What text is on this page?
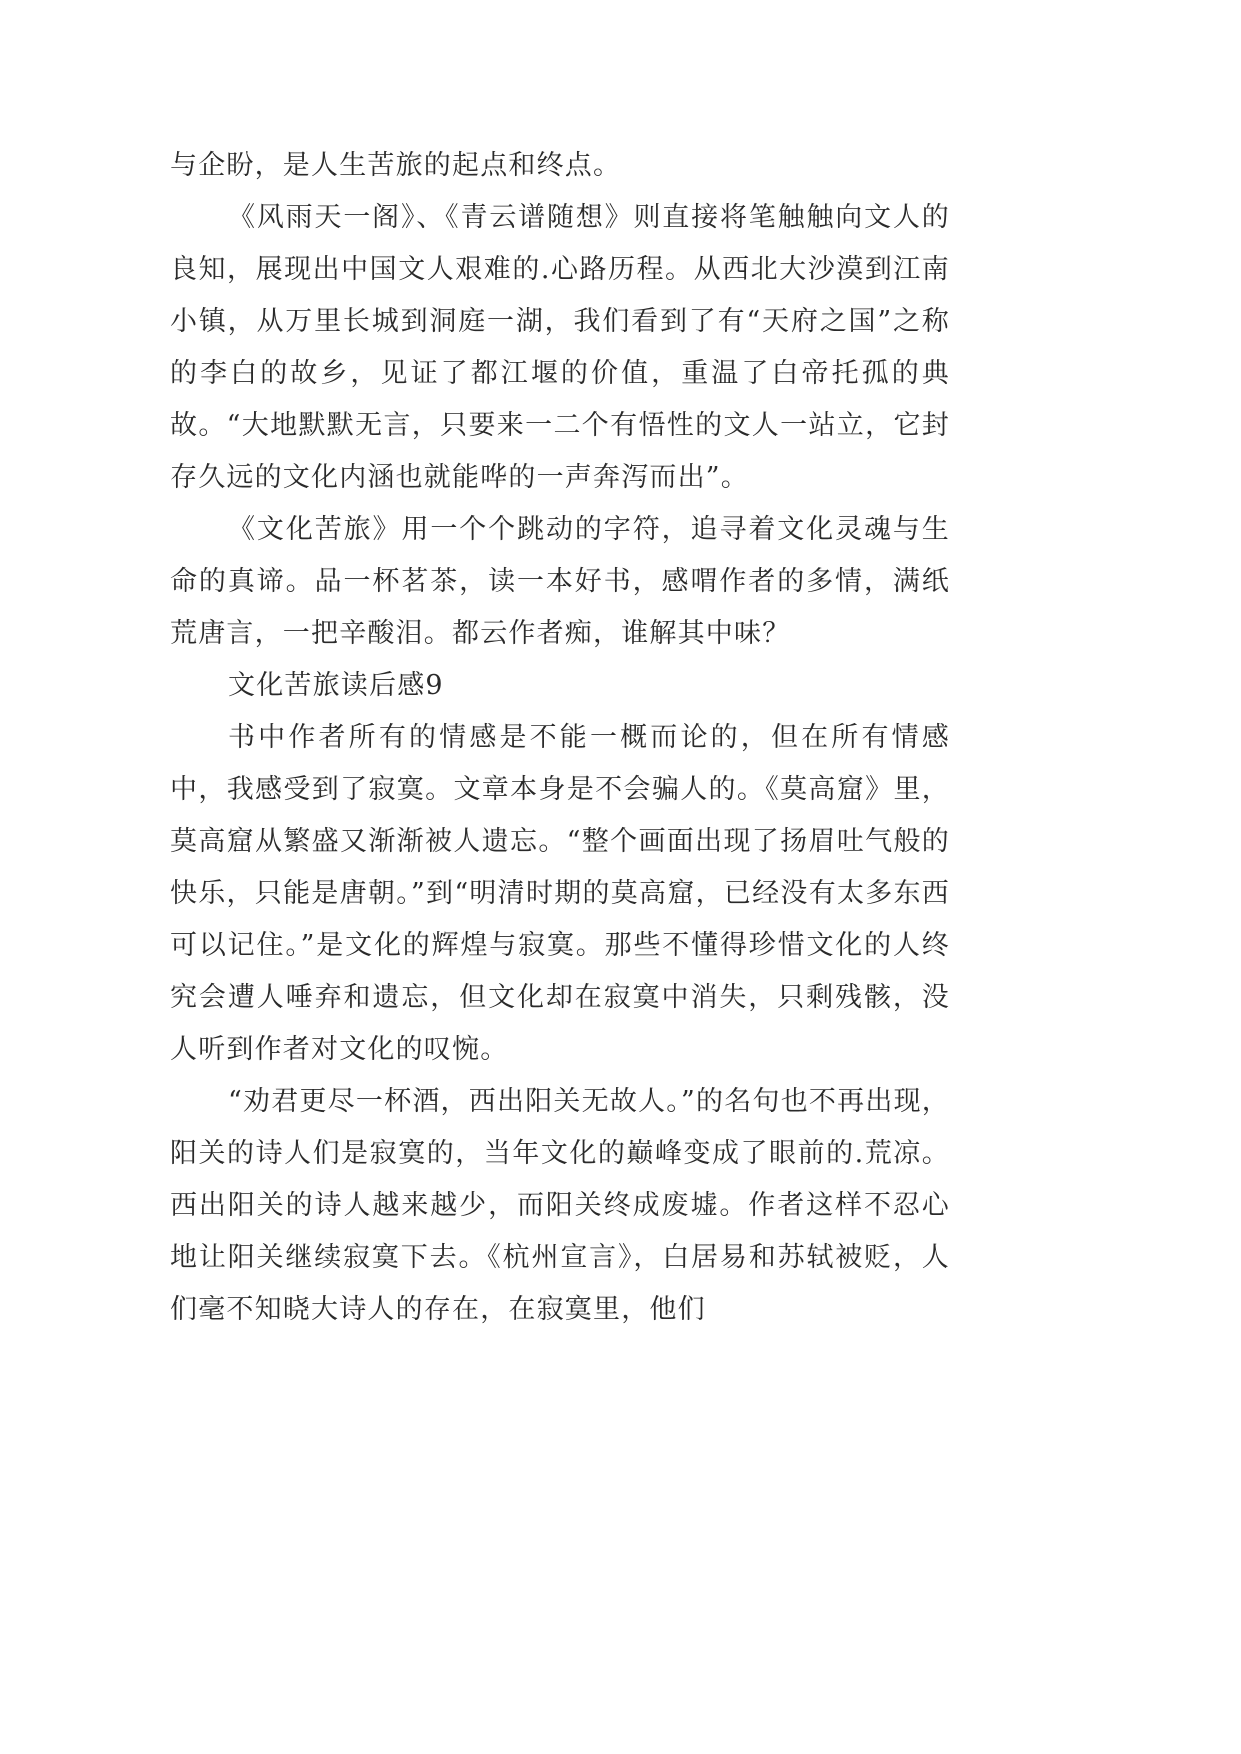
与企盼，是人生苦旅的起点和终点。

《风雨天一阁》、《青云谱随想》则直接将笔触触向文人的良知，展现出中国文人艰难的.心路历程。从西北大沙漠到江南小镇，从万里长城到洞庭一湖，我们看到了有“天府之国”之称的李白的故乡，见证了都江堰的价值，重温了白帝托孤的典故。“大地默默无言，只要来一二个有悟性的文人一站立，它封存久远的文化内涵也就能哗的一声奔泻而出”。

《文化苦旅》用一个个跳动的字符，追寻着文化灵魂与生命的真谛。品一杯茗茶，读一本好书，感喟作者的多情，满纸荒唐言，一把辛酸泪。都云作者痴，谁解其中味？

文化苦旅读后感9

书中作者所有的情感是不能一概而论的，但在所有情感中，我感受到了寂寞。文章本身是不会骗人的。《莫高窟》里，莫高窟从繁盛又渐渐被人遗忘。“整个画面出现了扬眉吐气般的快乐，只能是唐朝。”到“明清时期的莫高窟，已经没有太多东西可以记住。”是文化的辉煌与寂寞。那些不懂得珍惜文化的人终究会遭人唾弃和遗忘，但文化却在寂寞中消失，只剩残骸，没人听到作者对文化的叹惋。

“劝君更尽一杯酒，西出阳关无故人。”的名句也不再出现，阳关的诗人们是寂寞的，当年文化的巅峰变成了眼前的.荒凉。西出阳关的诗人越来越少，而阳关终成废墟。作者这样不忍心地让阳关继续寂寞下去。《杭州宣言》，白居易和苏轼被贬，人们毫不知晓大诗人的存在，在寂寞里，他们
